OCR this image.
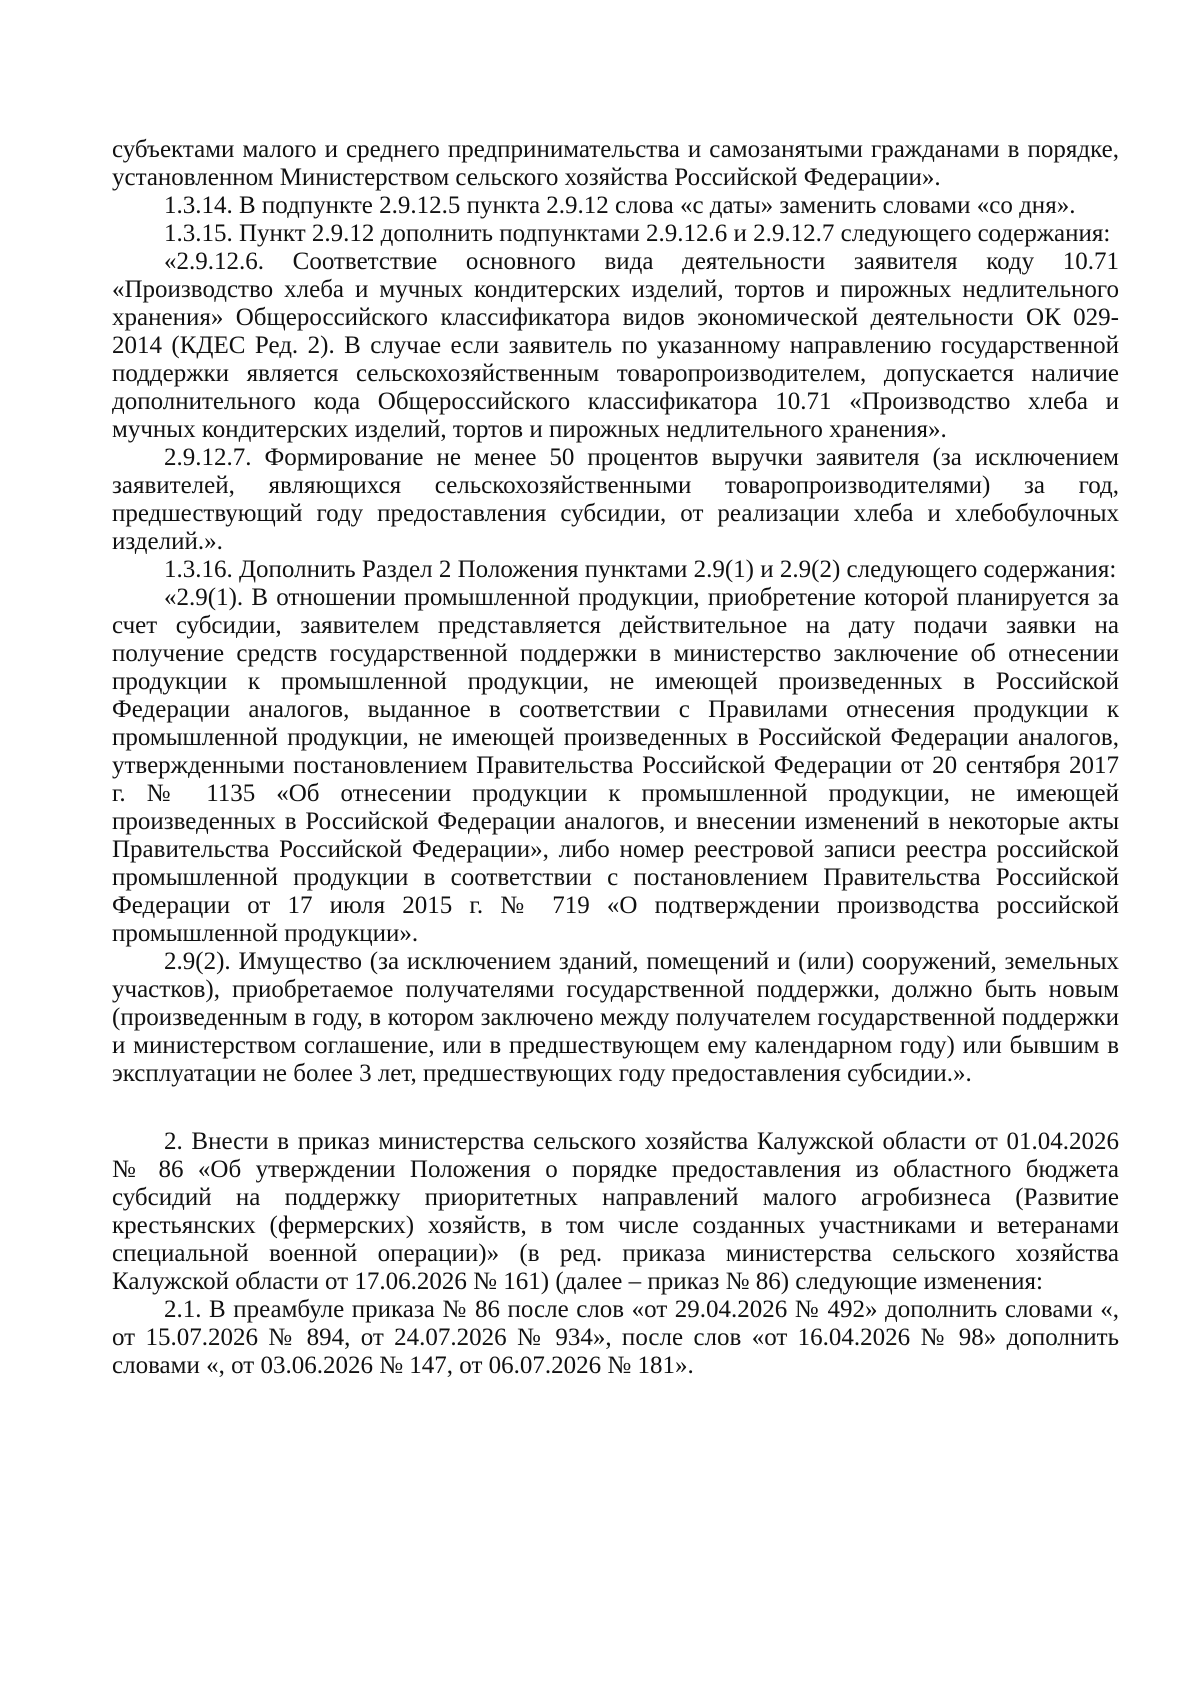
субъектами малого и среднего предпринимательства и самозанятыми гражданами в порядке, установленном Министерством сельского хозяйства Российской Федерации».

1.3.14. В подпункте 2.9.12.5 пункта 2.9.12 слова «с даты» заменить словами «со дня».

1.3.15. Пункт 2.9.12 дополнить подпунктами 2.9.12.6 и 2.9.12.7 следующего содержания:

«2.9.12.6. Соответствие основного вида деятельности заявителя коду 10.71 «Производство хлеба и мучных кондитерских изделий, тортов и пирожных недлительного хранения» Общероссийского классификатора видов экономической деятельности ОК 029-2014 (КДЕС Ред. 2). В случае если заявитель по указанному направлению государственной поддержки является сельскохозяйственным товаропроизводителем, допускается наличие дополнительного кода Общероссийского классификатора 10.71 «Производство хлеба и мучных кондитерских изделий, тортов и пирожных недлительного хранения».

2.9.12.7. Формирование не менее 50 процентов выручки заявителя (за исключением заявителей, являющихся сельскохозяйственными товаропроизводителями) за год, предшествующий году предоставления субсидии, от реализации хлеба и хлебобулочных изделий.».

1.3.16. Дополнить Раздел 2 Положения пунктами 2.9(1) и 2.9(2) следующего содержания:

«2.9(1). В отношении промышленной продукции, приобретение которой планируется за счет субсидии, заявителем представляется действительное на дату подачи заявки на получение средств государственной поддержки в министерство заключение об отнесении продукции к промышленной продукции, не имеющей произведенных в Российской Федерации аналогов, выданное в соответствии с Правилами отнесения продукции к промышленной продукции, не имеющей произведенных в Российской Федерации аналогов, утвержденными постановлением Правительства Российской Федерации от 20 сентября 2017 г. № 1135 «Об отнесении продукции к промышленной продукции, не имеющей произведенных в Российской Федерации аналогов, и внесении изменений в некоторые акты Правительства Российской Федерации», либо номер реестровой записи реестра российской промышленной продукции в соответствии с постановлением Правительства Российской Федерации от 17 июля 2015 г. № 719 «О подтверждении производства российской промышленной продукции».

2.9(2). Имущество (за исключением зданий, помещений и (или) сооружений, земельных участков), приобретаемое получателями государственной поддержки, должно быть новым (произведенным в году, в котором заключено между получателем государственной поддержки и министерством соглашение, или в предшествующем ему календарном году) или бывшим в эксплуатации не более 3 лет, предшествующих году предоставления субсидии.».

2. Внести в приказ министерства сельского хозяйства Калужской области от 01.04.2026 № 86 «Об утверждении Положения о порядке предоставления из областного бюджета субсидий на поддержку приоритетных направлений малого агробизнеса (Развитие крестьянских (фермерских) хозяйств, в том числе созданных участниками и ветеранами специальной военной операции)» (в ред. приказа министерства сельского хозяйства Калужской области от 17.06.2026 № 161) (далее – приказ № 86) следующие изменения:

2.1. В преамбуле приказа № 86 после слов «от 29.04.2026 № 492» дополнить словами «, от 15.07.2026 № 894, от 24.07.2026 № 934», после слов «от 16.04.2026 № 98» дополнить словами «, от 03.06.2026 № 147, от 06.07.2026 № 181».
